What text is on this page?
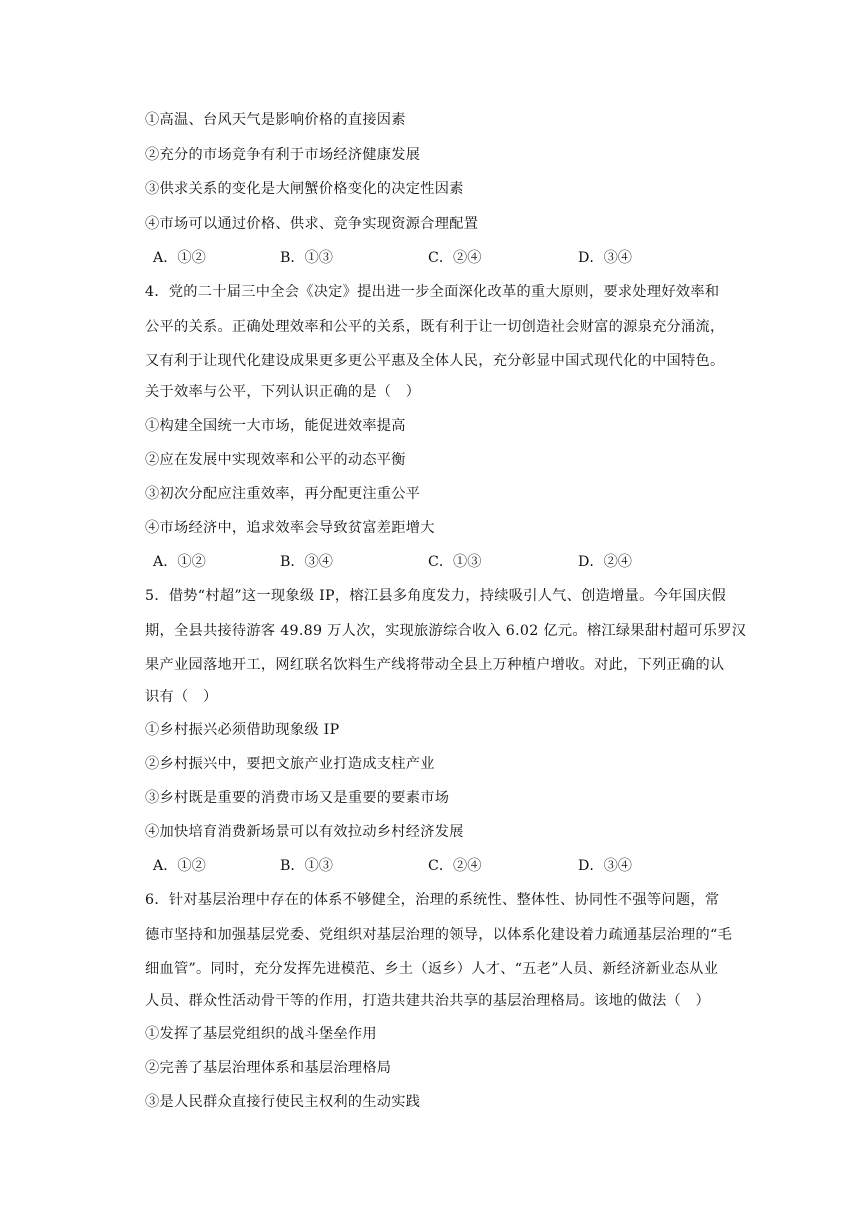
①高温、台风天气是影响价格的直接因素
②充分的市场竞争有利于市场经济健康发展
③供求关系的变化是大闸蟹价格变化的决定性因素
④市场可以通过价格、供求、竞争实现资源合理配置
A．①②	B．①③	C．②④	D．③④
4．党的二十届三中全会《决定》提出进一步全面深化改革的重大原则，要求处理好效率和
公平的关系。正确处理效率和公平的关系，既有利于让一切创造社会财富的源泉充分涌流，
又有利于让现代化建设成果更多更公平惠及全体人民，充分彰显中国式现代化的中国特色。
关于效率与公平，下列认识正确的是（　）
①构建全国统一大市场，能促进效率提高
②应在发展中实现效率和公平的动态平衡
③初次分配应注重效率，再分配更注重公平
④市场经济中，追求效率会导致贫富差距增大
A．①②	B．③④	C．①③	D．②④
5．借势“村超”这一现象级 IP，榕江县多角度发力，持续吸引人气、创造增量。今年国庆假
期，全县共接待游客 49.89 万人次，实现旅游综合收入 6.02 亿元。榕江绿果甜村超可乐罗汉
果产业园落地开工，网红联名饮料生产线将带动全县上万种植户增收。对此，下列正确的认
识有（　）
①乡村振兴必须借助现象级 IP
②乡村振兴中，要把文旅产业打造成支柱产业
③乡村既是重要的消费市场又是重要的要素市场
④加快培育消费新场景可以有效拉动乡村经济发展
A．①②	B．①③	C．②④	D．③④
6．针对基层治理中存在的体系不够健全，治理的系统性、整体性、协同性不强等问题，常
德市坚持和加强基层党委、党组织对基层治理的领导，以体系化建设着力疏通基层治理的“毛
细血管”。同时，充分发挥先进模范、乡土（返乡）人才、“五老”人员、新经济新业态从业
人员、群众性活动骨干等的作用，打造共建共治共享的基层治理格局。该地的做法（　）
①发挥了基层党组织的战斗堡垒作用
②完善了基层治理体系和基层治理格局
③是人民群众直接行使民主权利的生动实践
